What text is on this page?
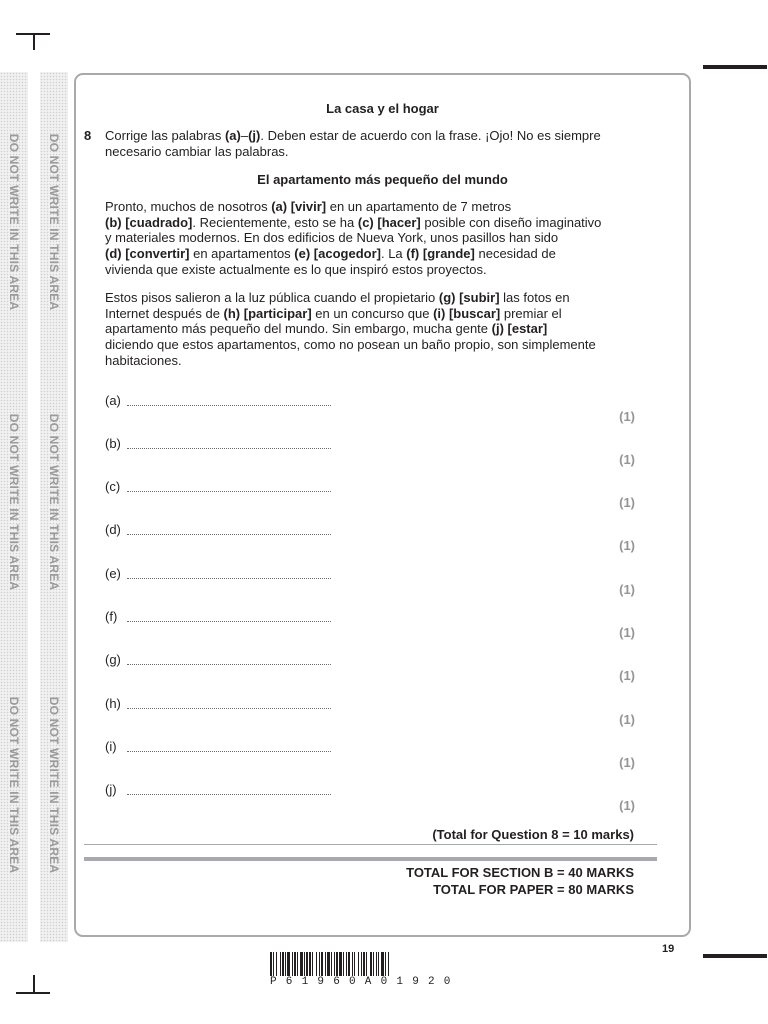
DO NOT WRITE IN THIS AREA
DO NOT WRITE IN THIS AREA
DO NOT WRITE IN THIS AREA
DO NOT WRITE IN THIS AREA
DO NOT WRITE IN THIS AREA
DO NOT WRITE IN THIS AREA
La casa y el hogar
8 Corrige las palabras (a)–(j). Deben estar de acuerdo con la frase. ¡Ojo! No es siempre
necesario cambiar las palabras.
El apartamento más pequeño del mundo
Pronto, muchos de nosotros (a) [vivir] en un apartamento de 7 metros
(b) [cuadrado]. Recientemente, esto se ha (c) [hacer] posible con diseño imaginativo
y materiales modernos. En dos edificios de Nueva York, unos pasillos han sido
(d) [convertir] en apartamentos (e) [acogedor]. La (f) [grande] necesidad de
vivienda que existe actualmente es lo que inspiró estos proyectos.
Estos pisos salieron a la luz pública cuando el propietario (g) [subir] las fotos en
Internet después de (h) [participar] en un concurso que (i) [buscar] premiar el
apartamento más pequeño del mundo. Sin embargo, mucha gente (j) [estar]
diciendo que estos apartamentos, como no posean un baño propio, son simplemente
habitaciones.
(a)
(1)
(b)
(1)
(c)
(1)
(d)
(1)
(e)
(1)
(f)
(1)
(g)
(1)
(h)
(1)
(i)
(1)
(j)
(1)
(Total for Question 8 = 10 marks)
TOTAL FOR SECTION B = 40 MARKS
TOTAL FOR PAPER = 80 MARKS
19
P61960A01920
